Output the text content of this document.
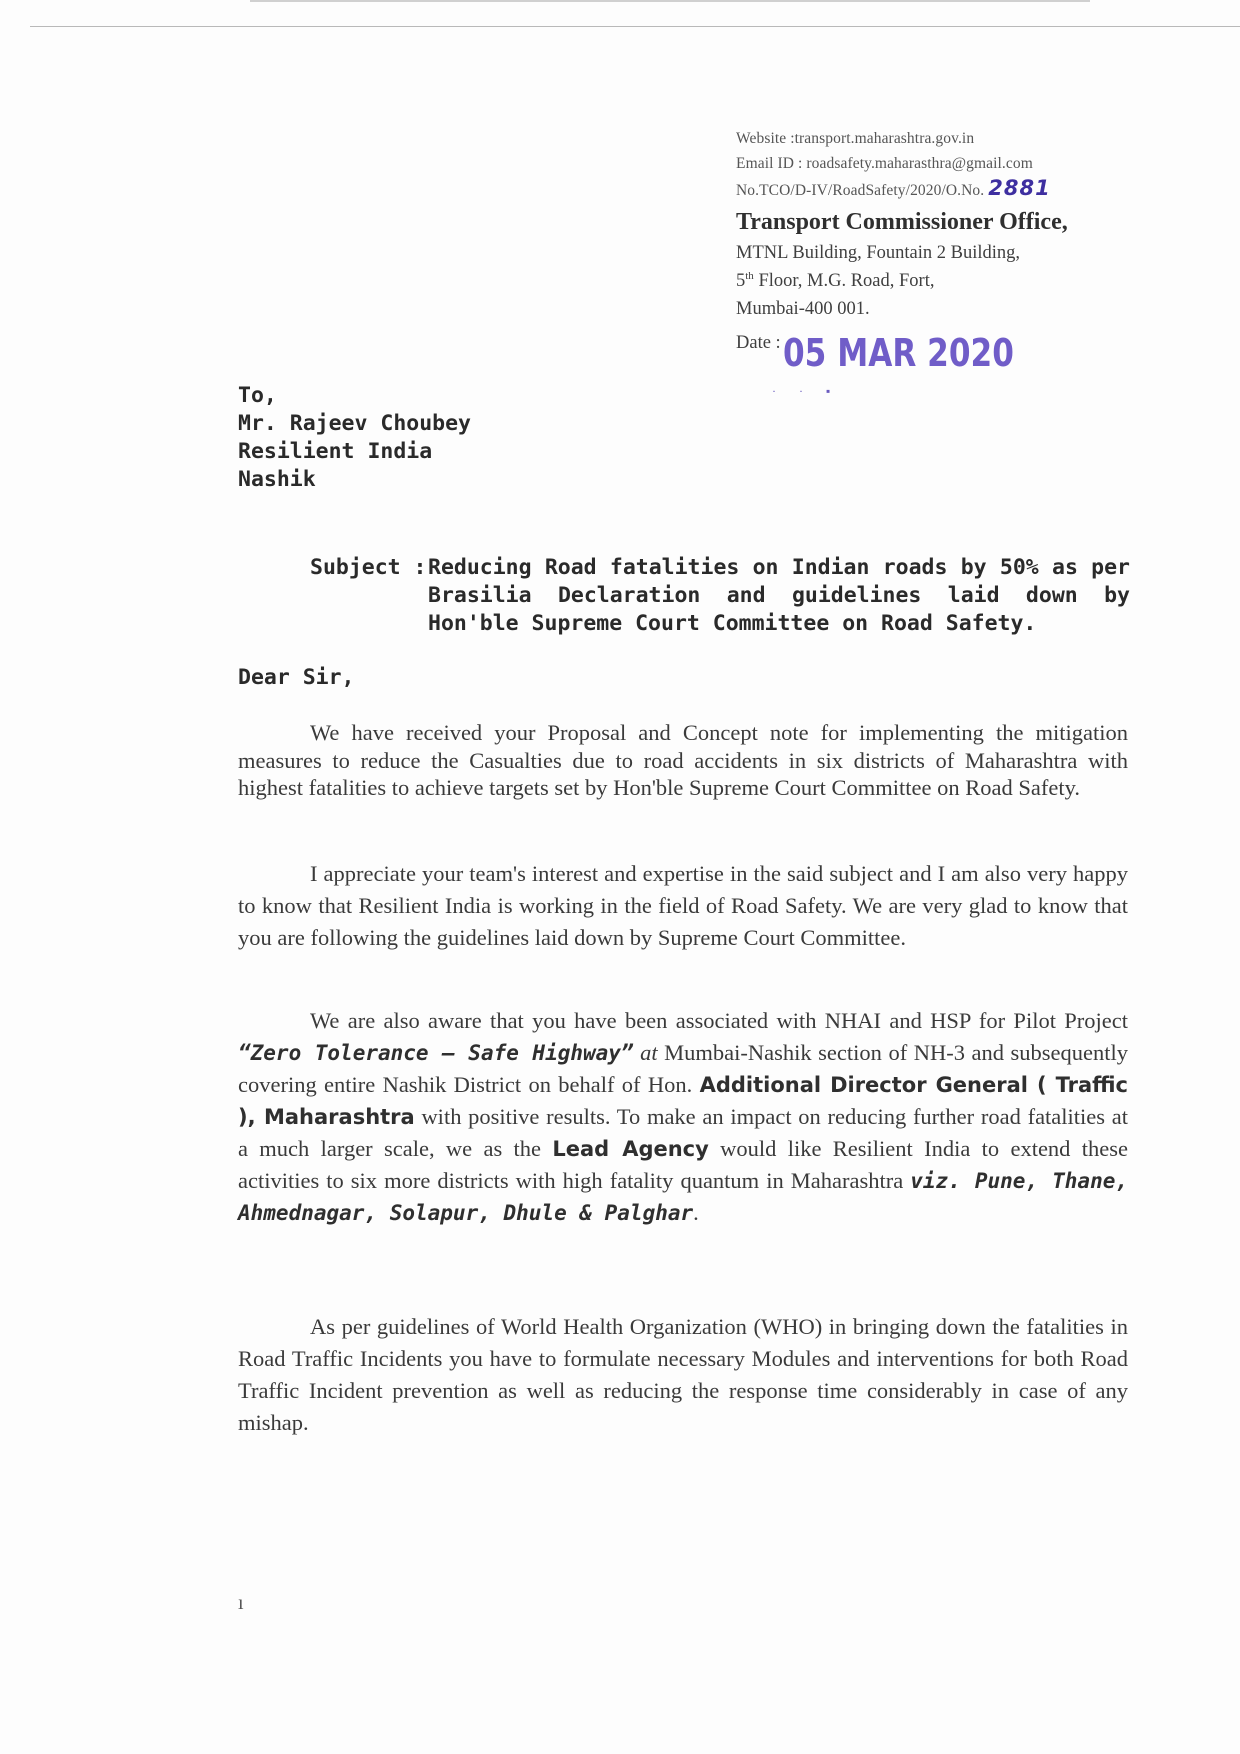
Website :transport.maharashtra.gov.in
Email ID : roadsafety.maharasthra@gmail.com
No.TCO/D-IV/RoadSafety/2020/O.No. 2881
Transport Commissioner Office,
MTNL Building, Fountain 2 Building,
5th Floor, M.G. Road, Fort,
Mumbai-400 001.
Date : 05 MAR 2020
· · ▪
To,
Mr. Rajeev Choubey
Resilient India
Nashik
Subject : Reducing Road fatalities on Indian roads by 50% as per Brasilia Declaration and guidelines laid down by Hon'ble Supreme Court Committee on Road Safety.
Dear Sir,
We have received your Proposal and Concept note for implementing the mitigation measures to reduce the Casualties due to road accidents in six districts of Maharashtra with highest fatalities to achieve targets set by Hon'ble Supreme Court Committee on Road Safety.
I appreciate your team's interest and expertise in the said subject and I am also very happy to know that Resilient India is working in the field of Road Safety. We are very glad to know that you are following the guidelines laid down by Supreme Court Committee.
We are also aware that you have been associated with NHAI and HSP for Pilot Project “Zero Tolerance – Safe Highway” at Mumbai-Nashik section of NH-3 and subsequently covering entire Nashik District on behalf of Hon. Additional Director General ( Traffic ), Maharashtra with positive results. To make an impact on reducing further road fatalities at a much larger scale, we as the Lead Agency would like Resilient India to extend these activities to six more districts with high fatality quantum in Maharashtra viz. Pune, Thane, Ahmednagar, Solapur, Dhule & Palghar.
As per guidelines of World Health Organization (WHO) in bringing down the fatalities in Road Traffic Incidents you have to formulate necessary Modules and interventions for both Road Traffic Incident prevention as well as reducing the response time considerably in case of any mishap.
ı
